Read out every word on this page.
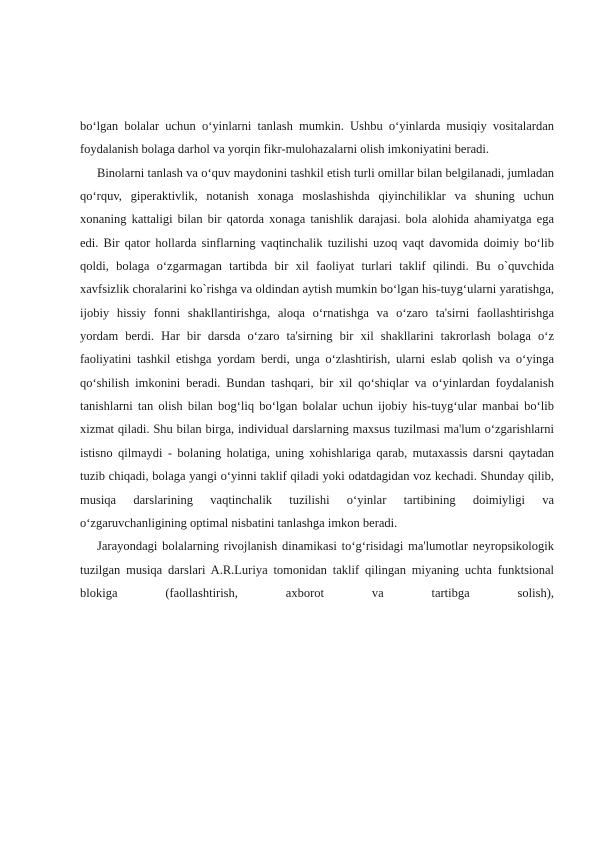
bo‘lgan bolalar uchun o‘yinlarni tanlash mumkin. Ushbu o‘yinlarda musiqiy vositalardan foydalanish bolaga darhol va yorqin fikr-mulohazalarni olish imkoniyatini beradi.

Binolarni tanlash va o‘quv maydonini tashkil etish turli omillar bilan belgilanadi, jumladan qo‘rquv, giperaktivlik, notanish xonaga moslashishda qiyinchiliklar va shuning uchun xonaning kattaligi bilan bir qatorda xonaga tanishlik darajasi. bola alohida ahamiyatga ega edi. Bir qator hollarda sinflarning vaqtinchalik tuzilishi uzoq vaqt davomida doimiy bo‘lib qoldi, bolaga o‘zgarmagan tartibda bir xil faoliyat turlari taklif qilindi. Bu o`quvchida xavfsizlik choralarini ko`rishga va oldindan aytish mumkin bo‘lgan his-tuyg‘ularni yaratishga, ijobiy hissiy fonni shakllantirishga, aloqa o‘rnatishga va o‘zaro ta'sirni faollashtirishga yordam berdi. Har bir darsda o‘zaro ta'sirning bir xil shakllarini takrorlash bolaga o‘z faoliyatini tashkil etishga yordam berdi, unga o‘zlashtirish, ularni eslab qolish va o‘yinga qo‘shilish imkonini beradi. Bundan tashqari, bir xil qo‘shiqlar va o‘yinlardan foydalanish tanishlarni tan olish bilan bog‘liq bo‘lgan bolalar uchun ijobiy his-tuyg‘ular manbai bo‘lib xizmat qiladi. Shu bilan birga, individual darslarning maxsus tuzilmasi ma'lum o‘zgarishlarni istisno qilmaydi - bolaning holatiga, uning xohishlariga qarab, mutaxassis darsni qaytadan tuzib chiqadi, bolaga yangi o‘yinni taklif qiladi yoki odatdagidan voz kechadi. Shunday qilib, musiqa darslarining vaqtinchalik tuzilishi o‘yinlar tartibining doimiyligi va o‘zgaruvchanligining optimal nisbatini tanlashga imkon beradi.

Jarayondagi bolalarning rivojlanish dinamikasi to‘g‘risidagi ma'lumotlar neyropsikologik tuzilgan musiqa darslari A.R.Luriya tomonidan taklif qilingan miyaning uchta funktsional blokiga (faollashtirish, axborot va tartibga solish),
